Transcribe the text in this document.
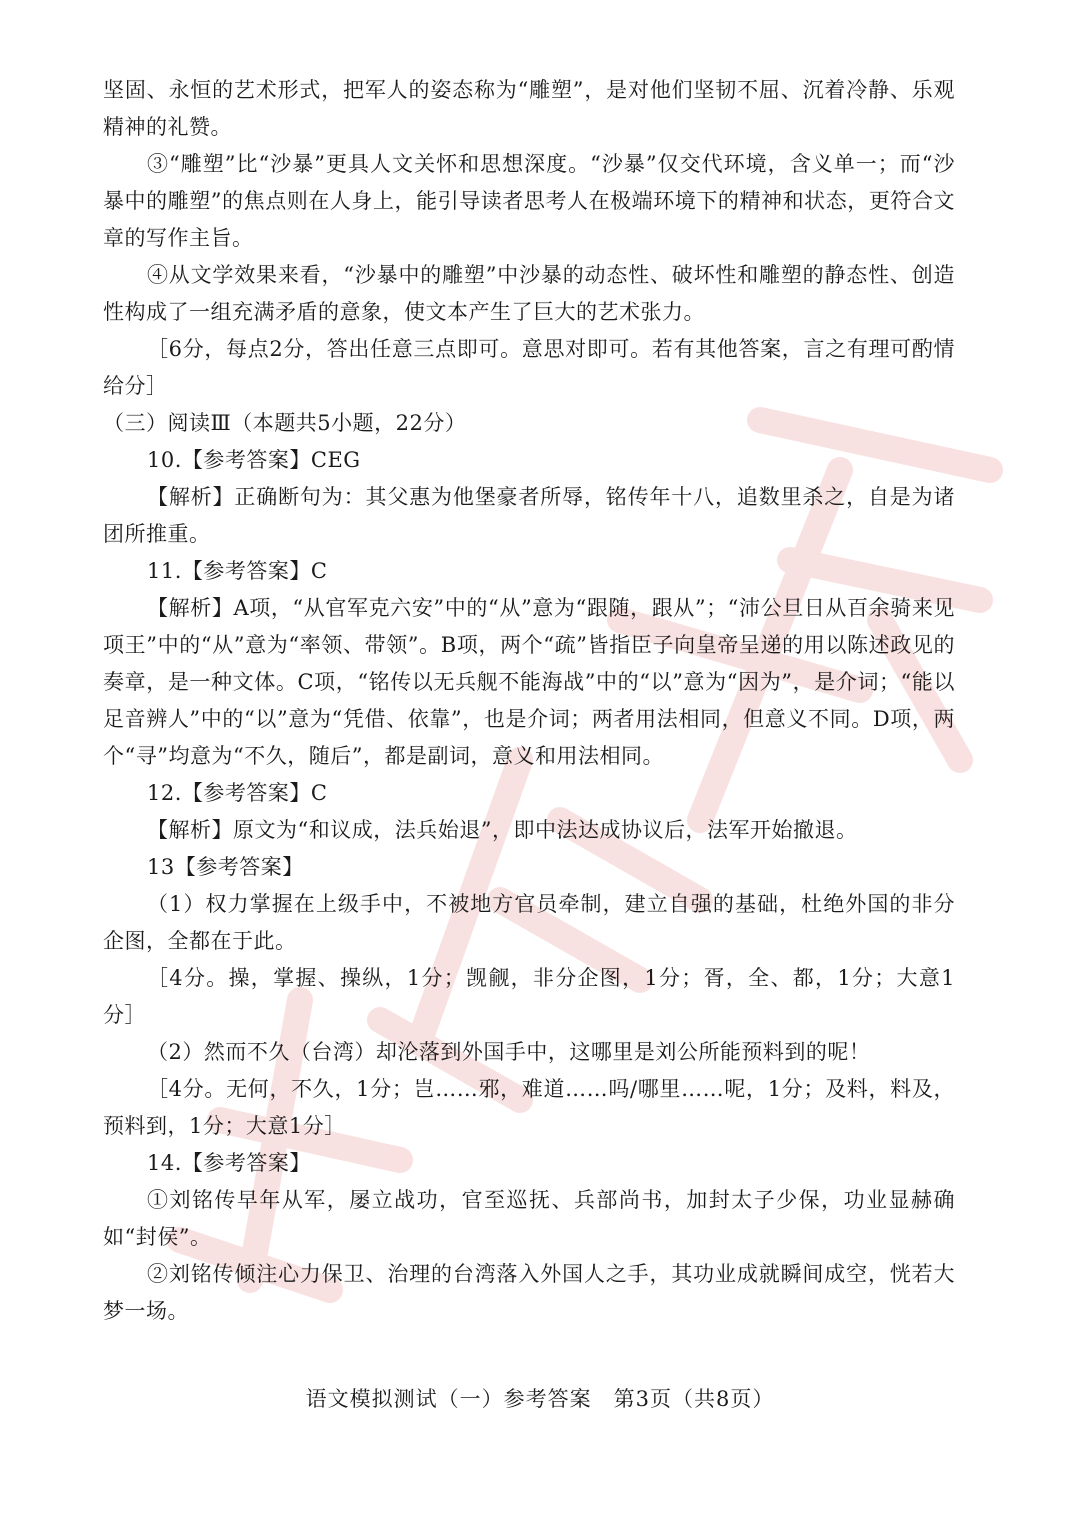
坚固、永恒的艺术形式，把军人的姿态称为“雕塑”，是对他们坚韧不屈、沉着冷静、乐观精神的礼赞。

③“雕塑”比“沙暴”更具人文关怀和思想深度。“沙暴”仅交代环境，含义单一；而“沙暴中的雕塑”的焦点则在人身上，能引导读者思考人在极端环境下的精神和状态，更符合文章的写作主旨。

④从文学效果来看，“沙暴中的雕塑”中沙暴的动态性、破坏性和雕塑的静态性、创造性构成了一组充满矛盾的意象，使文本产生了巨大的艺术张力。

［6分，每点2分，答出任意三点即可。意思对即可。若有其他答案，言之有理可酌情给分］

（三）阅读Ⅲ（本题共5小题，22分）

10.【参考答案】CEG

【解析】正确断句为：其父惠为他堡豪者所辱，铭传年十八，追数里杀之，自是为诸团所推重。

11.【参考答案】C

【解析】A项，“从官军克六安”中的“从”意为“跟随，跟从”；“沛公旦日从百余骑来见项王”中的“从”意为“率领、带领”。B项，两个“疏”皆指臣子向皇帝呈递的用以陈述政见的奏章，是一种文体。C项，“铭传以无兵舰不能海战”中的“以”意为“因为”，是介词；“能以足音辨人”中的“以”意为“凭借、依靠”，也是介词；两者用法相同，但意义不同。D项，两个“寻”均意为“不久，随后”，都是副词，意义和用法相同。

12.【参考答案】C

【解析】原文为“和议成，法兵始退”，即中法达成协议后，法军开始撤退。

13【参考答案】

（1）权力掌握在上级手中，不被地方官员牵制，建立自强的基础，杜绝外国的非分企图，全都在于此。

［4分。操，掌握、操纵，1分；觊觎，非分企图，1分；胥，全、都，1分；大意1分］

（2）然而不久（台湾）却沦落到外国手中，这哪里是刘公所能预料到的呢！

［4分。无何，不久，1分；岂……邪，难道……吗/哪里……呢，1分；及料，料及，预料到，1分；大意1分］

14.【参考答案】

①刘铭传早年从军，屡立战功，官至巡抚、兵部尚书，加封太子少保，功业显赫确如“封侯”。

②刘铭传倾注心力保卫、治理的台湾落入外国人之手，其功业成就瞬间成空，恍若大梦一场。

语文模拟测试（一）参考答案　第3页（共8页）
